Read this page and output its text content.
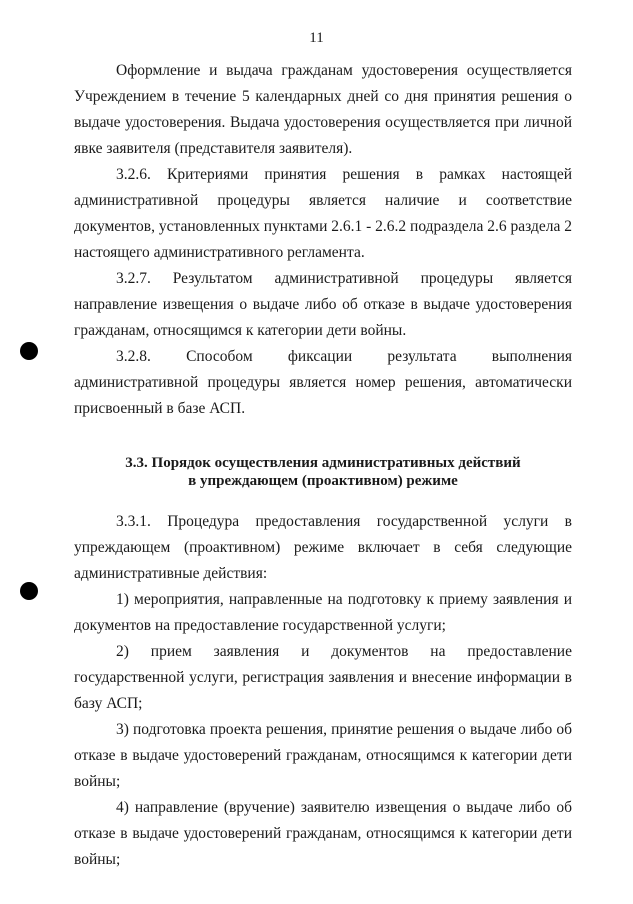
11

Оформление и выдача гражданам удостоверения осуществляется Учреждением в течение 5 календарных дней со дня принятия решения о выдаче удостоверения. Выдача удостоверения осуществляется при личной явке заявителя (представителя заявителя).

3.2.6. Критериями принятия решения в рамках настоящей административной процедуры является наличие и соответствие документов, установленных пунктами 2.6.1 - 2.6.2 подраздела 2.6 раздела 2 настоящего административного регламента.

3.2.7. Результатом административной процедуры является направление извещения о выдаче либо об отказе в выдаче удостоверения гражданам, относящимся к категории дети войны.

3.2.8. Способом фиксации результата выполнения административной процедуры является номер решения, автоматически присвоенный в базе АСП.

3.3. Порядок осуществления административных действий
в упреждающем (проактивном) режиме

3.3.1. Процедура предоставления государственной услуги в упреждающем (проактивном) режиме включает в себя следующие административные действия:

1) мероприятия, направленные на подготовку к приему заявления и документов на предоставление государственной услуги;

2) прием заявления и документов на предоставление государственной услуги, регистрация заявления и внесение информации в базу АСП;

3) подготовка проекта решения, принятие решения о выдаче либо об отказе в выдаче удостоверений гражданам, относящимся к категории дети войны;

4) направление (вручение) заявителю извещения о выдаче либо об отказе в выдаче удостоверений гражданам, относящимся к категории дети войны;
